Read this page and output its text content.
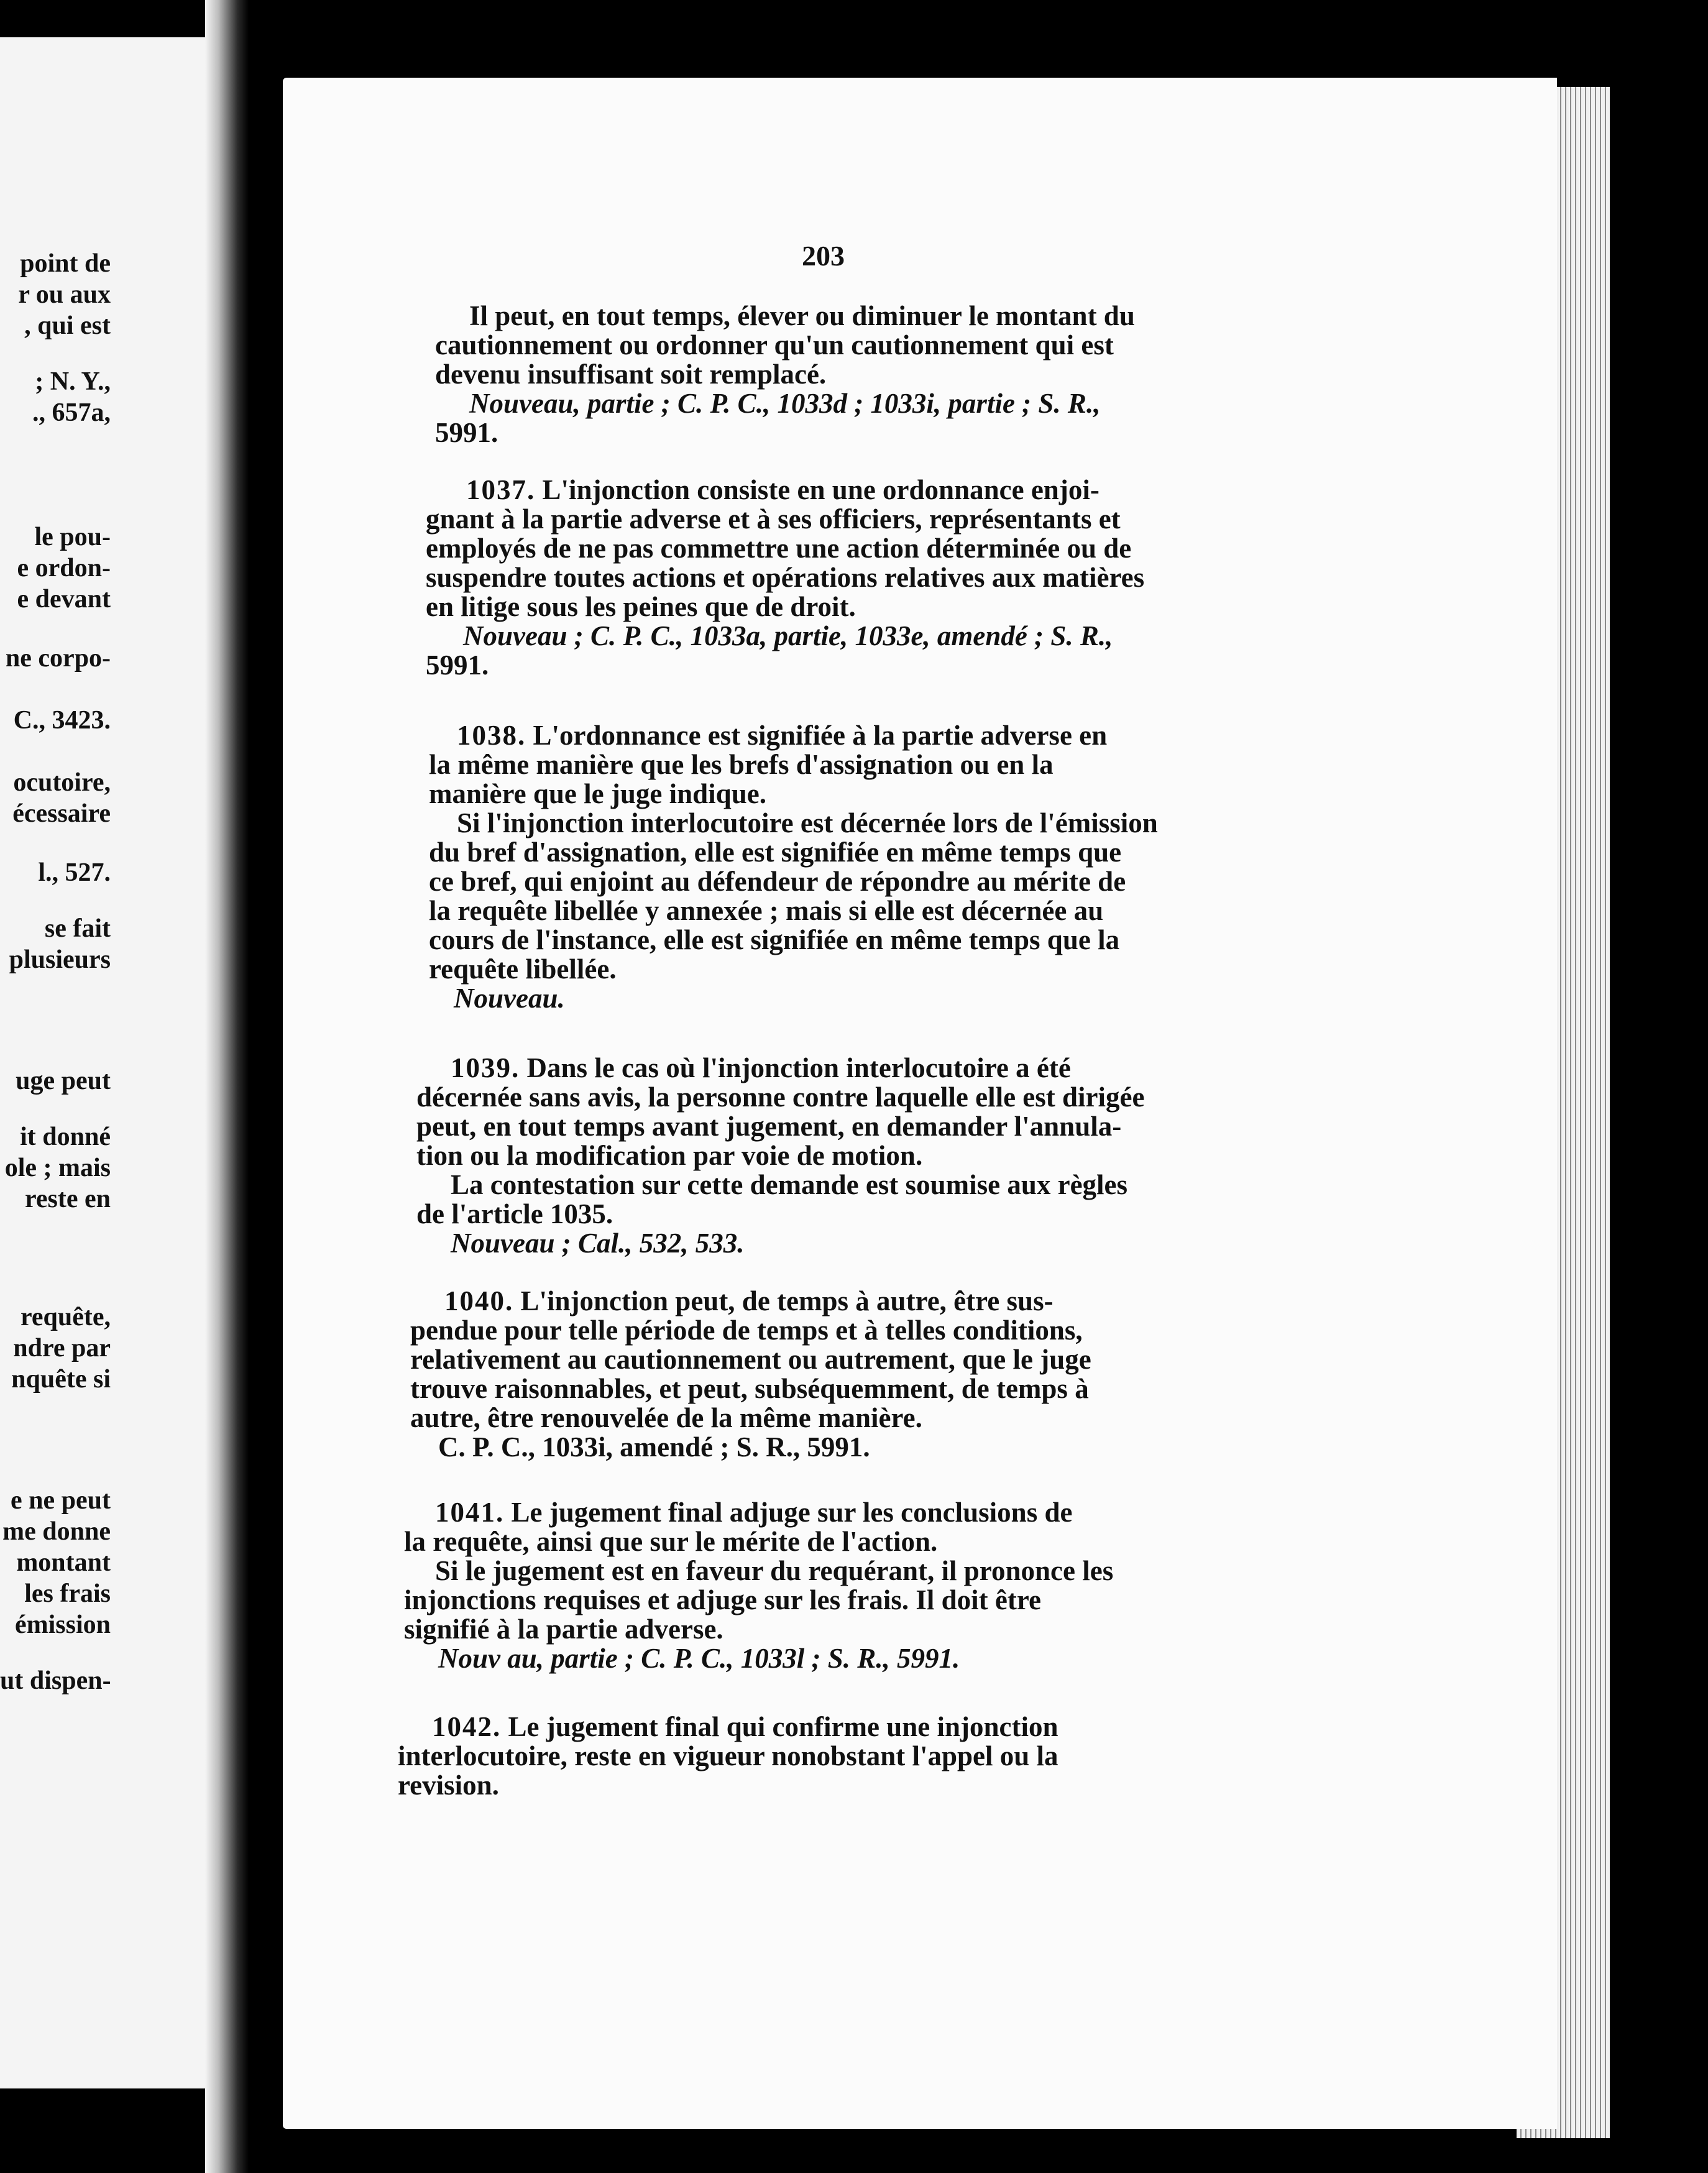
point de
r ou aux
, qui est
; N. Y.,
., 657a,
le pou-
e ordon-
e devant
ne corpo-
C., 3423.
ocutoire,
écessaire
l., 527.
se fait
plusieurs
uge peut
it donné
ole ; mais
reste en
requête,
ndre par
nquête si
e ne peut
me donne
montant
les frais
émission
ut dispen-
203
Il peut, en tout temps, élever ou diminuer le montant du
cautionnement ou ordonner qu'un cautionnement qui est
devenu insuffisant soit remplacé.
Nouveau, partie ; C. P. C., 1033d ; 1033i, partie ; S. R.,
5991.
1037. L'injonction consiste en une ordonnance enjoi-
gnant à la partie adverse et à ses officiers, représentants et
employés de ne pas commettre une action déterminée ou de
suspendre toutes actions et opérations relatives aux matières
en litige sous les peines que de droit.
Nouveau ; C. P. C., 1033a, partie, 1033e, amendé ; S. R.,
5991.
1038. L'ordonnance est signifiée à la partie adverse en
la même manière que les brefs d'assignation ou en la
manière que le juge indique.
Si l'injonction interlocutoire est décernée lors de l'émission
du bref d'assignation, elle est signifiée en même temps que
ce bref, qui enjoint au défendeur de répondre au mérite de
la requête libellée y annexée ; mais si elle est décernée au
cours de l'instance, elle est signifiée en même temps que la
requête libellée.
Nouveau.
1039. Dans le cas où l'injonction interlocutoire a été
décernée sans avis, la personne contre laquelle elle est dirigée
peut, en tout temps avant jugement, en demander l'annula-
tion ou la modification par voie de motion.
La contestation sur cette demande est soumise aux règles
de l'article 1035.
Nouveau ; Cal., 532, 533.
1040. L'injonction peut, de temps à autre, être sus-
pendue pour telle période de temps et à telles conditions,
relativement au cautionnement ou autrement, que le juge
trouve raisonnables, et peut, subséquemment, de temps à
autre, être renouvelée de la même manière.
C. P. C., 1033i, amendé ; S. R., 5991.
1041. Le jugement final adjuge sur les conclusions de
la requête, ainsi que sur le mérite de l'action.
Si le jugement est en faveur du requérant, il prononce les
injonctions requises et adjuge sur les frais. Il doit être
signifié à la partie adverse.
Nouv au, partie ; C. P. C., 1033l ; S. R., 5991.
1042. Le jugement final qui confirme une injonction
interlocutoire, reste en vigueur nonobstant l'appel ou la
revision.
